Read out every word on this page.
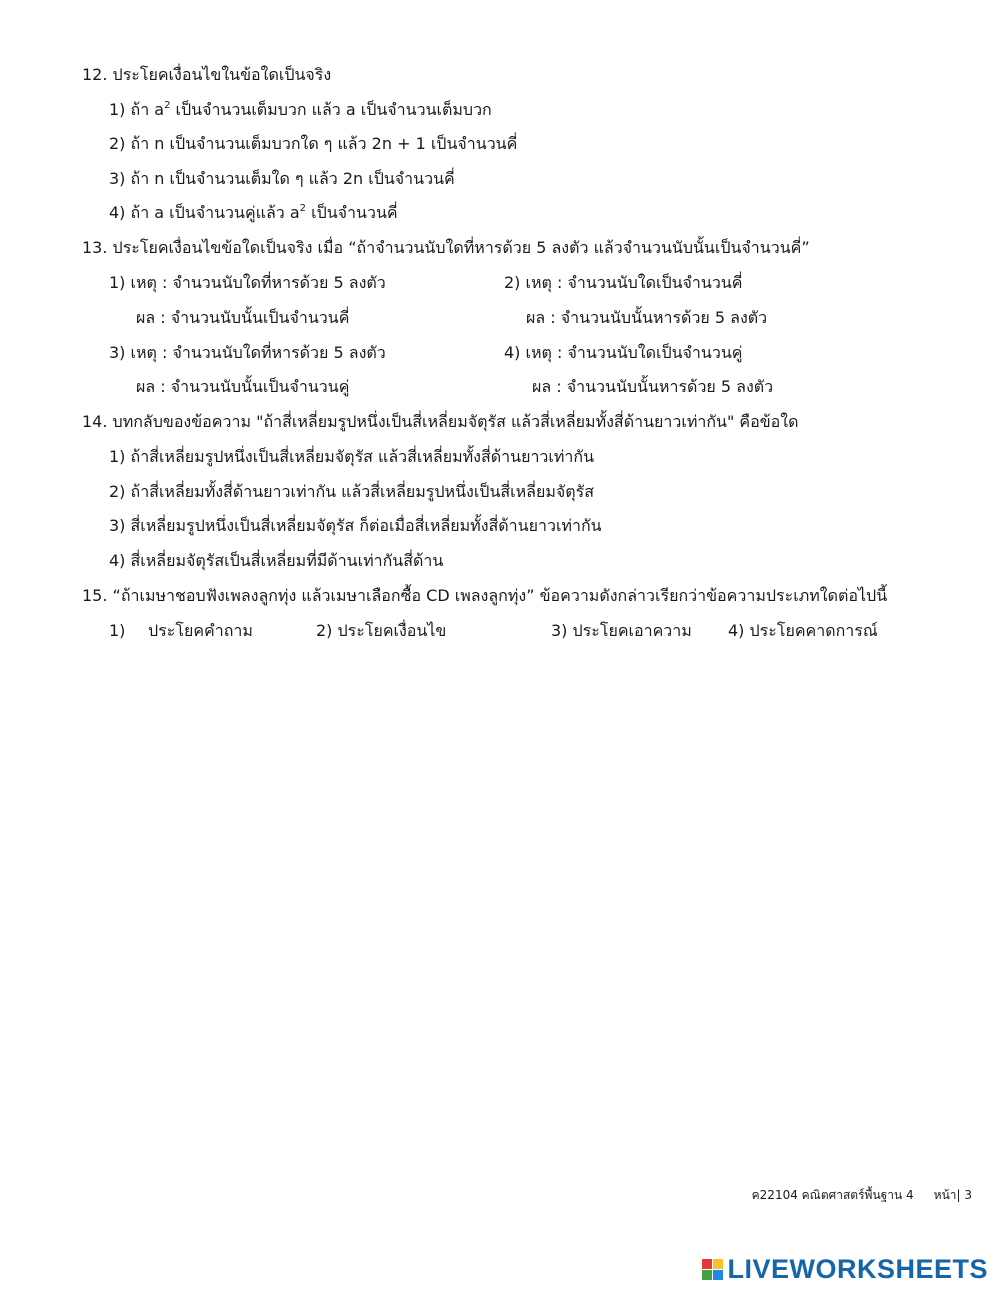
12. ประโยคเงื่อนไขในข้อใดเป็นจริง
1) ถ้า $a^2$ เป็นจำนวนเต็มบวก แล้ว a เป็นจำนวนเต็มบวก
2) ถ้า n เป็นจำนวนเต็มบวกใด ๆ แล้ว 2n + 1 เป็นจำนวนคี่
3) ถ้า n เป็นจำนวนเต็มใด ๆ แล้ว 2n เป็นจำนวนคี่
4) ถ้า a เป็นจำนวนคู่แล้ว $a^2$ เป็นจำนวนคี่
13. ประโยคเงื่อนไขข้อใดเป็นจริง เมื่อ “ถ้าจำนวนนับใดที่หารด้วย 5 ลงตัว แล้วจำนวนนับนั้นเป็นจำนวนคี่”
1) เหตุ : จำนวนนับใดที่หารด้วย 5 ลงตัว	2) เหตุ : จำนวนนับใดเป็นจำนวนคี่
ผล : จำนวนนับนั้นเป็นจำนวนคี่	ผล : จำนวนนับนั้นหารด้วย 5 ลงตัว
3) เหตุ : จำนวนนับใดที่หารด้วย 5 ลงตัว	4) เหตุ : จำนวนนับใดเป็นจำนวนคู่
ผล : จำนวนนับนั้นเป็นจำนวนคู่	ผล : จำนวนนับนั้นหารด้วย 5 ลงตัว
14. บทกลับของข้อความ "ถ้าสี่เหลี่ยมรูปหนึ่งเป็นสี่เหลี่ยมจัตุรัส แล้วสี่เหลี่ยมทั้งสี่ด้านยาวเท่ากัน" คือข้อใด
1) ถ้าสี่เหลี่ยมรูปหนึ่งเป็นสี่เหลี่ยมจัตุรัส แล้วสี่เหลี่ยมทั้งสี่ด้านยาวเท่ากัน
2) ถ้าสี่เหลี่ยมทั้งสี่ด้านยาวเท่ากัน แล้วสี่เหลี่ยมรูปหนึ่งเป็นสี่เหลี่ยมจัตุรัส
3) สี่เหลี่ยมรูปหนึ่งเป็นสี่เหลี่ยมจัตุรัส ก็ต่อเมื่อสี่เหลี่ยมทั้งสี่ด้านยาวเท่ากัน
4) สี่เหลี่ยมจัตุรัสเป็นสี่เหลี่ยมที่มีด้านเท่ากันสี่ด้าน
15. “ถ้าเมษาชอบฟังเพลงลูกทุ่ง แล้วเมษาเลือกซื้อ CD เพลงลูกทุ่ง” ข้อความดังกล่าวเรียกว่าข้อความประเภทใดต่อไปนี้
1) ประโยคคำถาม	2) ประโยคเงื่อนไข	3) ประโยคเอาความ 4) ประโยคคาดการณ์
ค22104 คณิตศาสตร์พื้นฐาน 4 หน้า| 3
LIVEWORKSHEETS
